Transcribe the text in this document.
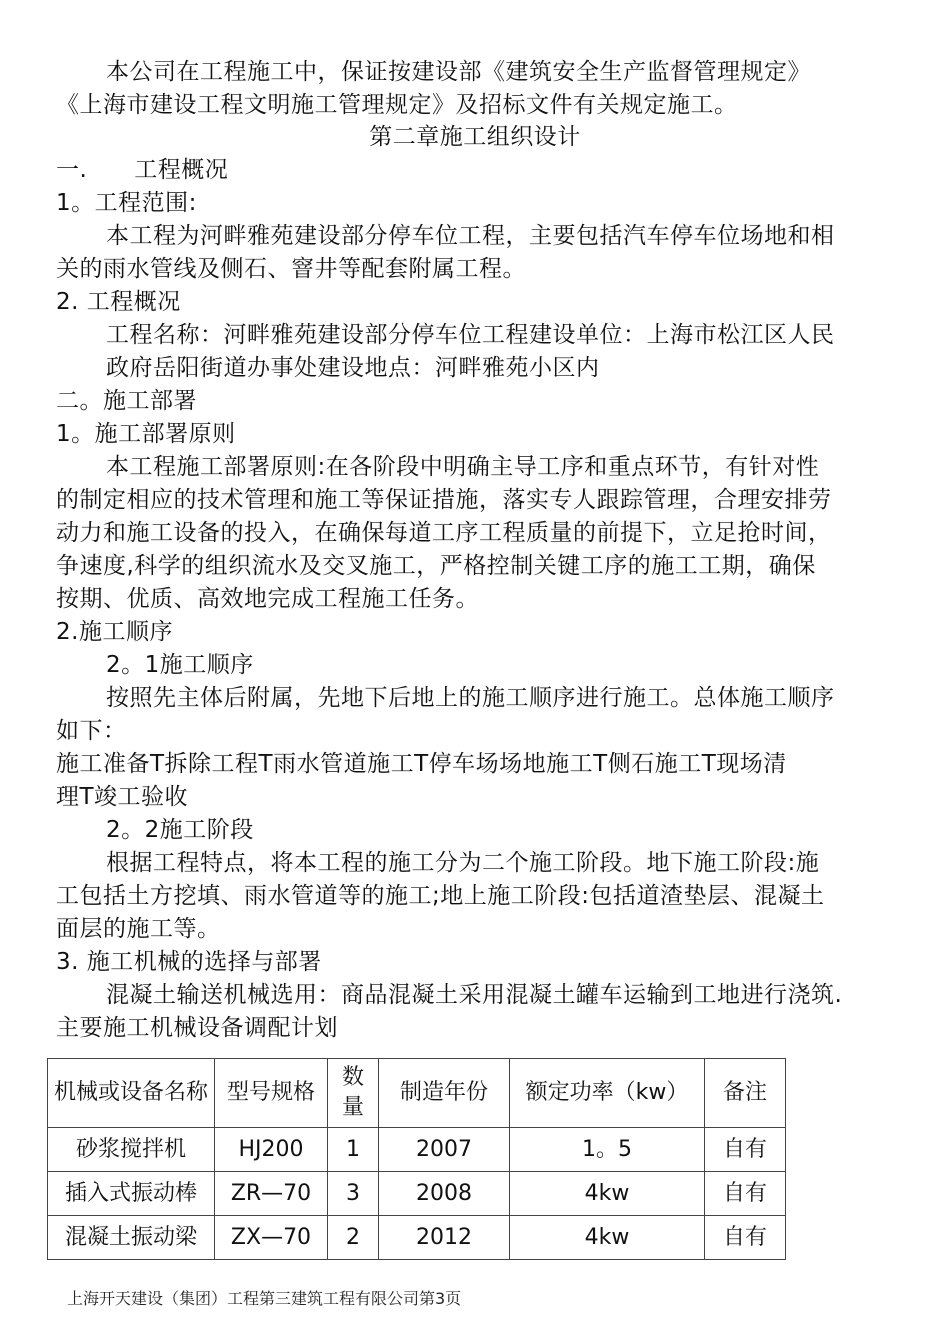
本公司在工程施工中，保证按建设部《建筑安全生产监督管理规定》
《上海市建设工程文明施工管理规定》及招标文件有关规定施工。
第二章施工组织设计
一.　　工程概况
1。工程范围:
本工程为河畔雅苑建设部分停车位工程，主要包括汽车停车位场地和相
关的雨水管线及侧石、窨井等配套附属工程。
2. 工程概况
工程名称：河畔雅苑建设部分停车位工程建设单位：上海市松江区人民
政府岳阳街道办事处建设地点：河畔雅苑小区内
二。施工部署
1。施工部署原则
本工程施工部署原则:在各阶段中明确主导工序和重点环节，有针对性
的制定相应的技术管理和施工等保证措施，落实专人跟踪管理，合理安排劳
动力和施工设备的投入，在确保每道工序工程质量的前提下，立足抢时间，
争速度,科学的组织流水及交叉施工，严格控制关键工序的施工工期，确保
按期、优质、高效地完成工程施工任务。
2.施工顺序
2。1施工顺序
按照先主体后附属，先地下后地上的施工顺序进行施工。总体施工顺序
如下：
施工准备T拆除工程T雨水管道施工T停车场场地施工T侧石施工T现场清
理T竣工验收
2。2施工阶段
根据工程特点，将本工程的施工分为二个施工阶段。地下施工阶段:施
工包括土方挖填、雨水管道等的施工;地上施工阶段:包括道渣垫层、混凝土
面层的施工等。
3. 施工机械的选择与部署
混凝土输送机械选用：商品混凝土采用混凝土罐车运输到工地进行浇筑.
主要施工机械设备调配计划
机械或设备名称	型号规格	数量	制造年份	额定功率（kw）	备注
砂浆搅拌机	HJ200	1	2007	1。5	自有
插入式振动棒	ZR—70	3	2008	4kw	自有
混凝土振动梁	ZX—70	2	2012	4kw	自有
上海开天建设（集团）工程第三建筑工程有限公司第3页
